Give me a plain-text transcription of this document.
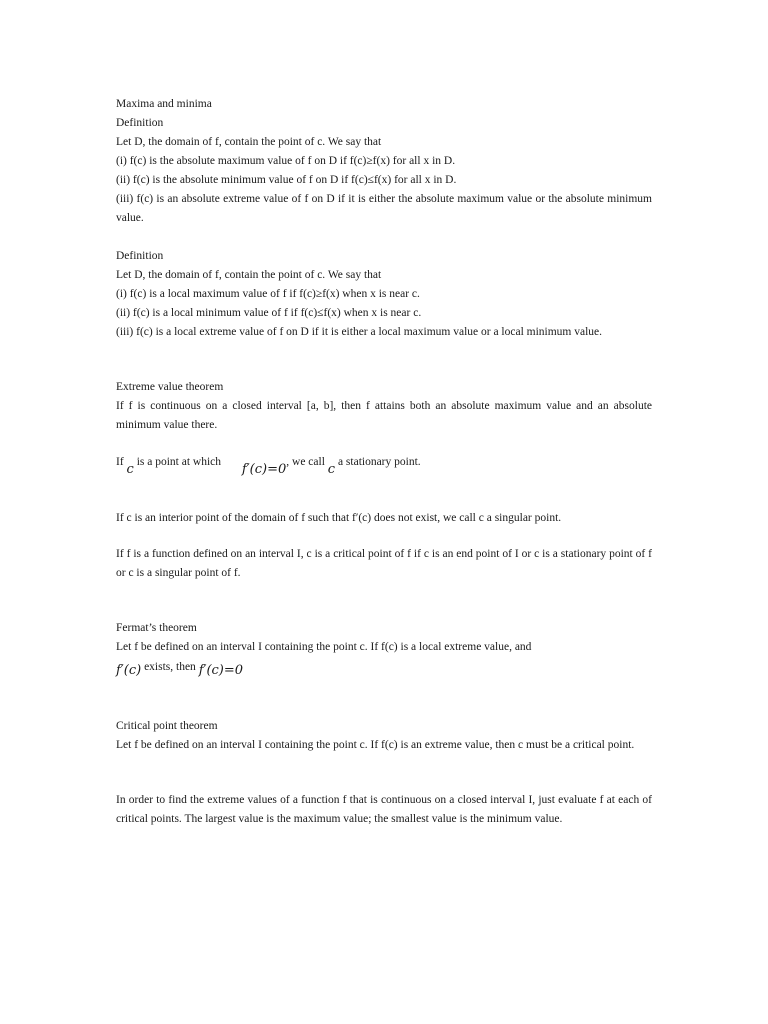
Maxima and minima
Definition
Let D, the domain of f, contain the point of c. We say that
(i) f(c) is the absolute maximum value of f on D if f(c)≥f(x) for all x in D.
(ii) f(c) is the absolute minimum value of f on D if f(c)≤f(x) for all x in D.
(iii) f(c) is an absolute extreme value of f on D if it is either the absolute maximum value or the absolute minimum value.
Definition
Let D, the domain of f, contain the point of c. We say that
(i) f(c) is a local maximum value of f if f(c)≥f(x) when x is near c.
(ii) f(c) is a local minimum value of f if f(c)≤f(x) when x is near c.
(iii) f(c) is a local extreme value of f on D if it is either a local maximum value or a local minimum value.
Extreme value theorem
If f is continuous on a closed interval [a, b], then f attains both an absolute maximum value and an absolute minimum value there.
If c is a point at which f′(c)=0, we call c a stationary point.
If c is an interior point of the domain of f such that f′(c) does not exist, we call c a singular point.
If f is a function defined on an interval I, c is a critical point of f if c is an end point of I or c is a stationary point of f or c is a singular point of f.
Fermat’s theorem
Let f be defined on an interval I containing the point c. If f(c) is a local extreme value, and
f′(c) exists, then f′(c)=0
Critical point theorem
Let f be defined on an interval I containing the point c. If f(c) is an extreme value, then c must be a critical point.
In order to find the extreme values of a function f that is continuous on a closed interval I, just evaluate f at each of critical points. The largest value is the maximum value; the smallest value is the minimum value.
